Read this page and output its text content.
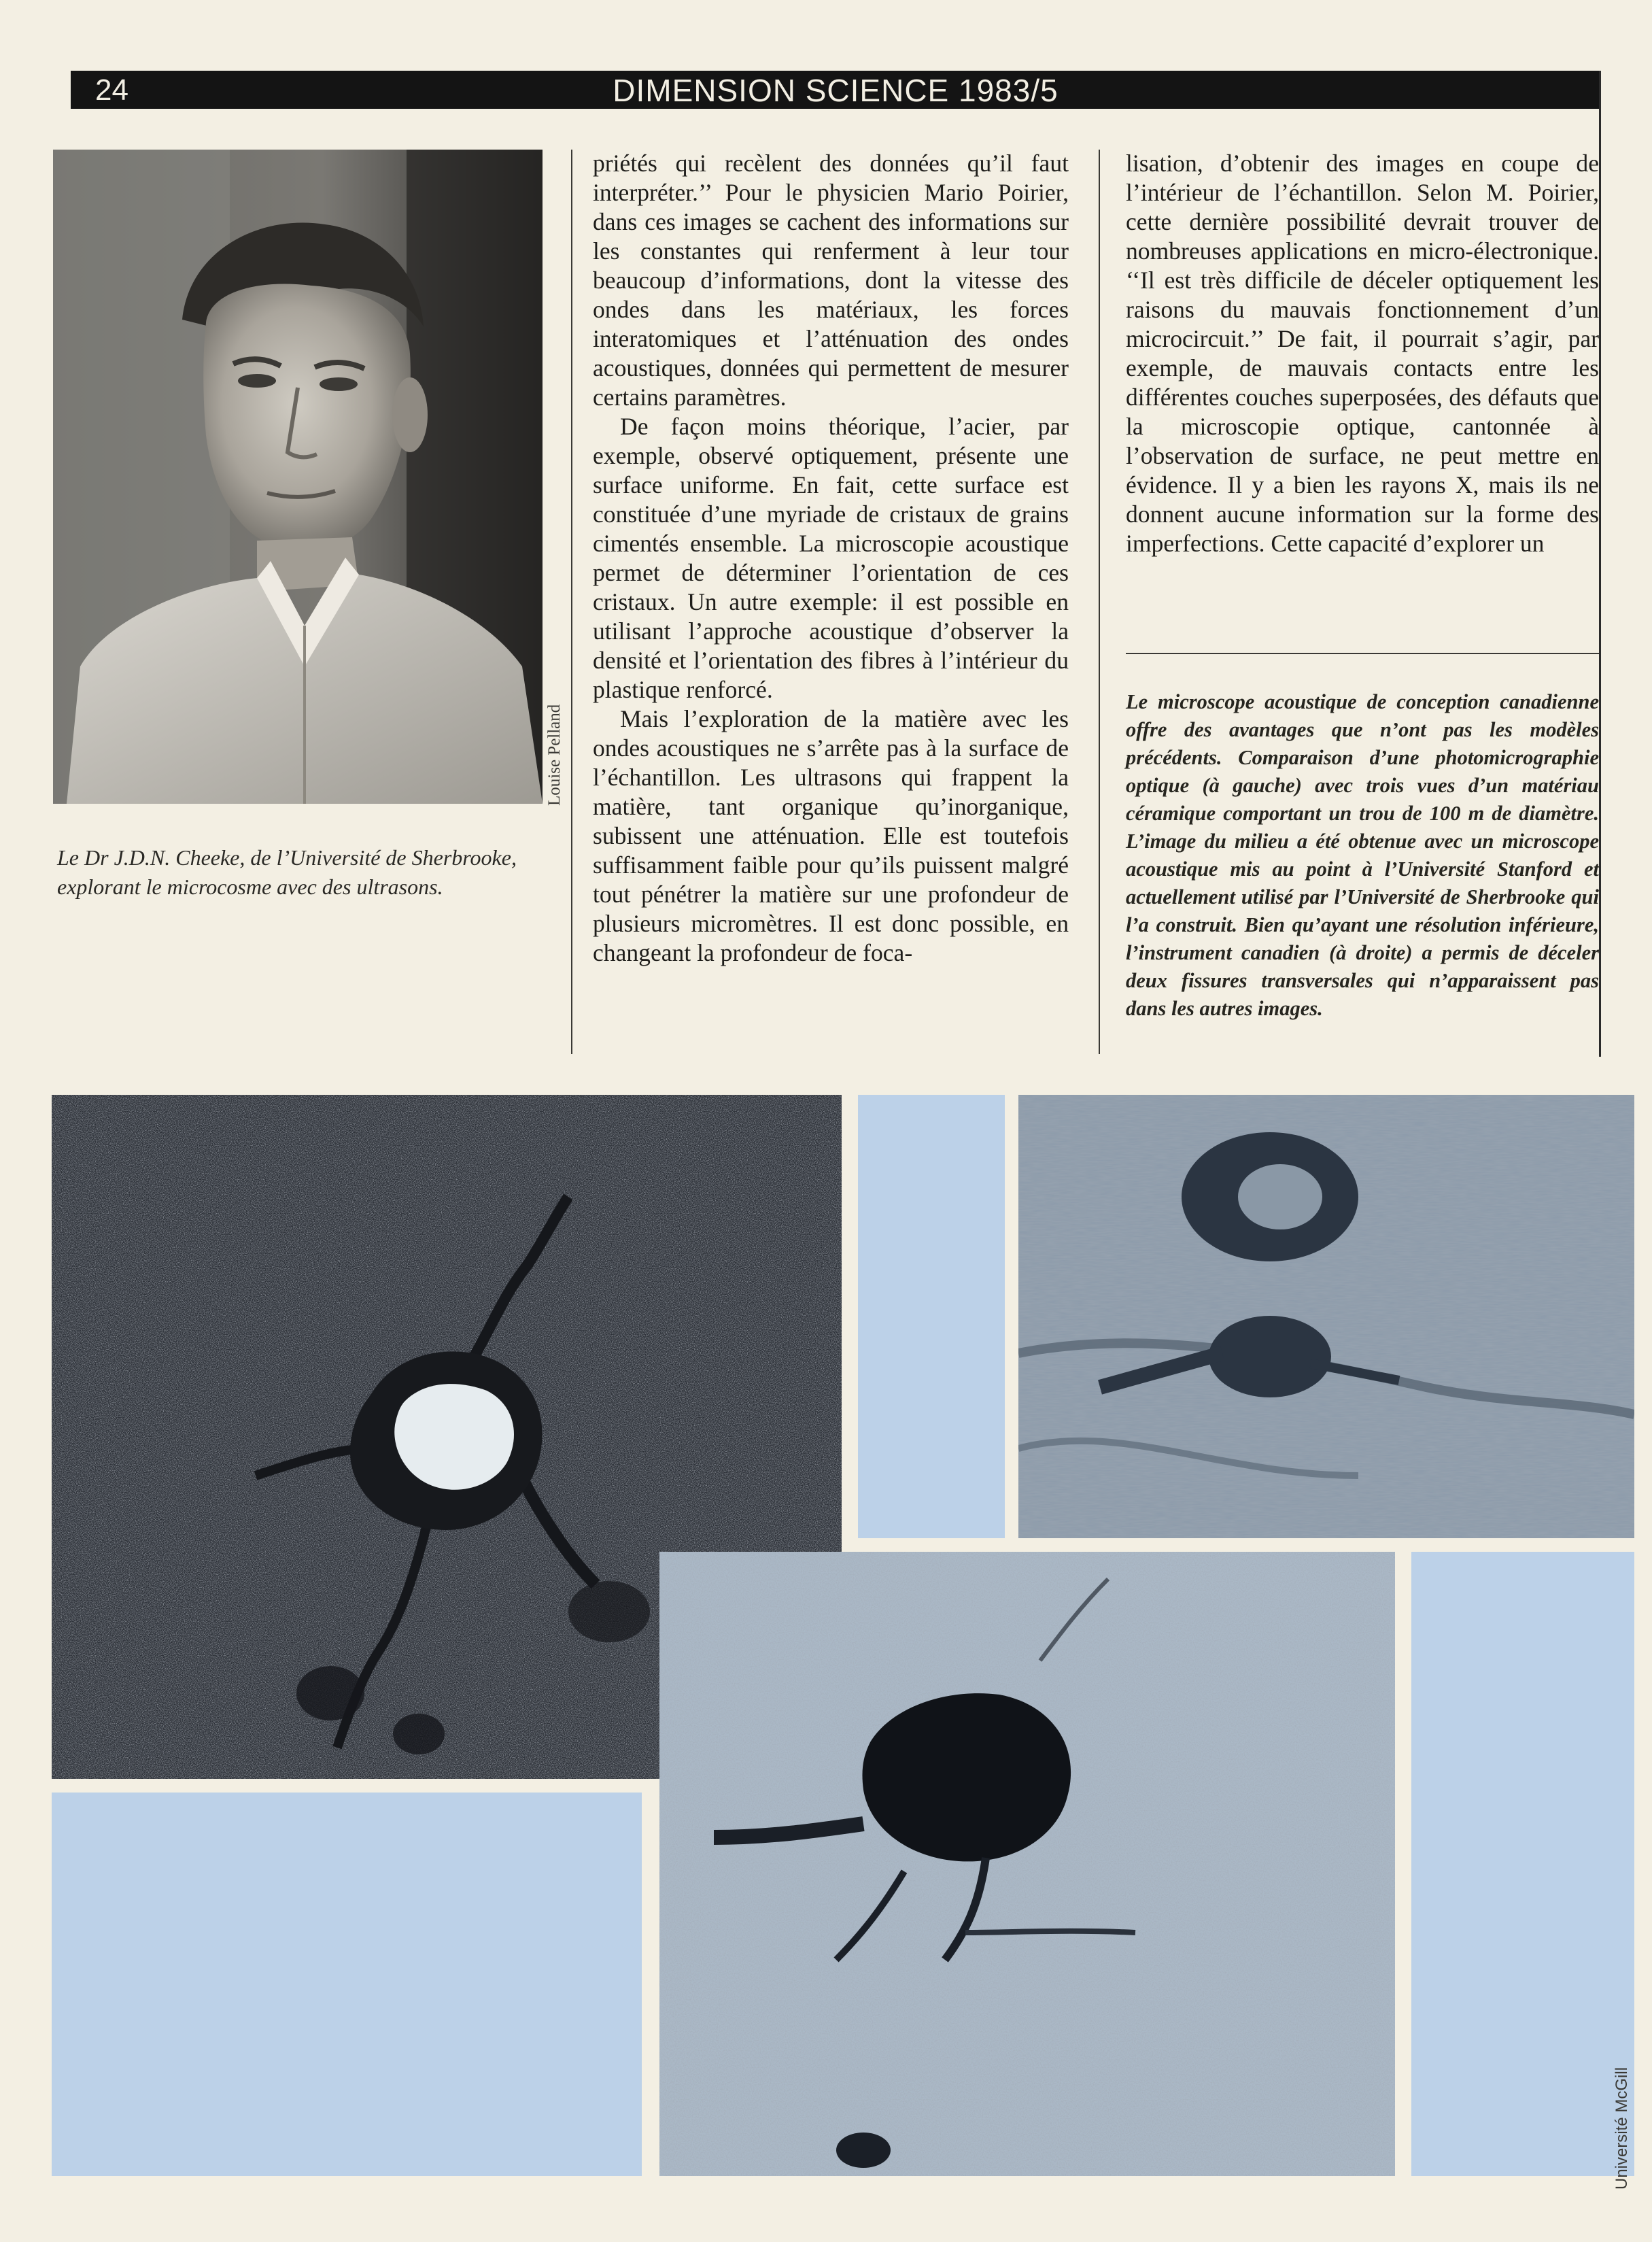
24	DIMENSION SCIENCE 1983/5
Louise Pelland
Le Dr J.D.N. Cheeke, de l’Université de Sherbrooke, explorant le microcosme avec des ultrasons.

priétés qui recèlent des données qu’il faut interpréter.’’ Pour le physicien Mario Poirier, dans ces images se cachent des informations sur les constantes qui renferment à leur tour beaucoup d’informations, dont la vitesse des ondes dans les matériaux, les forces interatomiques et l’atténuation des ondes acoustiques, données qui permettent de mesurer certains paramètres.

De façon moins théorique, l’acier, par exemple, observé optiquement, présente une surface uniforme. En fait, cette surface est constituée d’une myriade de cristaux de grains cimentés ensemble. La microscopie acoustique permet de déterminer l’orientation de ces cristaux. Un autre exemple: il est possible en utilisant l’approche acoustique d’observer la densité et l’orientation des fibres à l’intérieur du plastique renforcé.

Mais l’exploration de la matière avec les ondes acoustiques ne s’arrête pas à la surface de l’échantillon. Les ultrasons qui frappent la matière, tant organique qu’inorganique, subissent une atténuation. Elle est toutefois suffisamment faible pour qu’ils puissent malgré tout pénétrer la matière sur une profondeur de plusieurs micromètres. Il est donc possible, en changeant la profondeur de foca-

lisation, d’obtenir des images en coupe de l’intérieur de l’échantillon. Selon M. Poirier, cette dernière possibilité devrait trouver de nombreuses applications en micro-électronique. ‘‘Il est très difficile de déceler optiquement les raisons du mauvais fonctionnement d’un microcircuit.’’ De fait, il pourrait s’agir, par exemple, de mauvais contacts entre les différentes couches superposées, des défauts que la microscopie optique, cantonnée à l’observation de surface, ne peut mettre en évidence. Il y a bien les rayons X, mais ils ne donnent aucune information sur la forme des imperfections. Cette capacité d’explorer un

Le microscope acoustique de conception canadienne offre des avantages que n’ont pas les modèles précédents. Comparaison d’une photomicrographie optique (à gauche) avec trois vues d’un matériau céramique comportant un trou de 100 m de diamètre. L’image du milieu a été obtenue avec un microscope acoustique mis au point à l’Université Stanford et actuellement utilisé par l’Université de Sherbrooke qui l’a construit. Bien qu’ayant une résolution inférieure, l’instrument canadien (à droite) a permis de déceler deux fissures transversales qui n’apparaissent pas dans les autres images.
Université McGill
